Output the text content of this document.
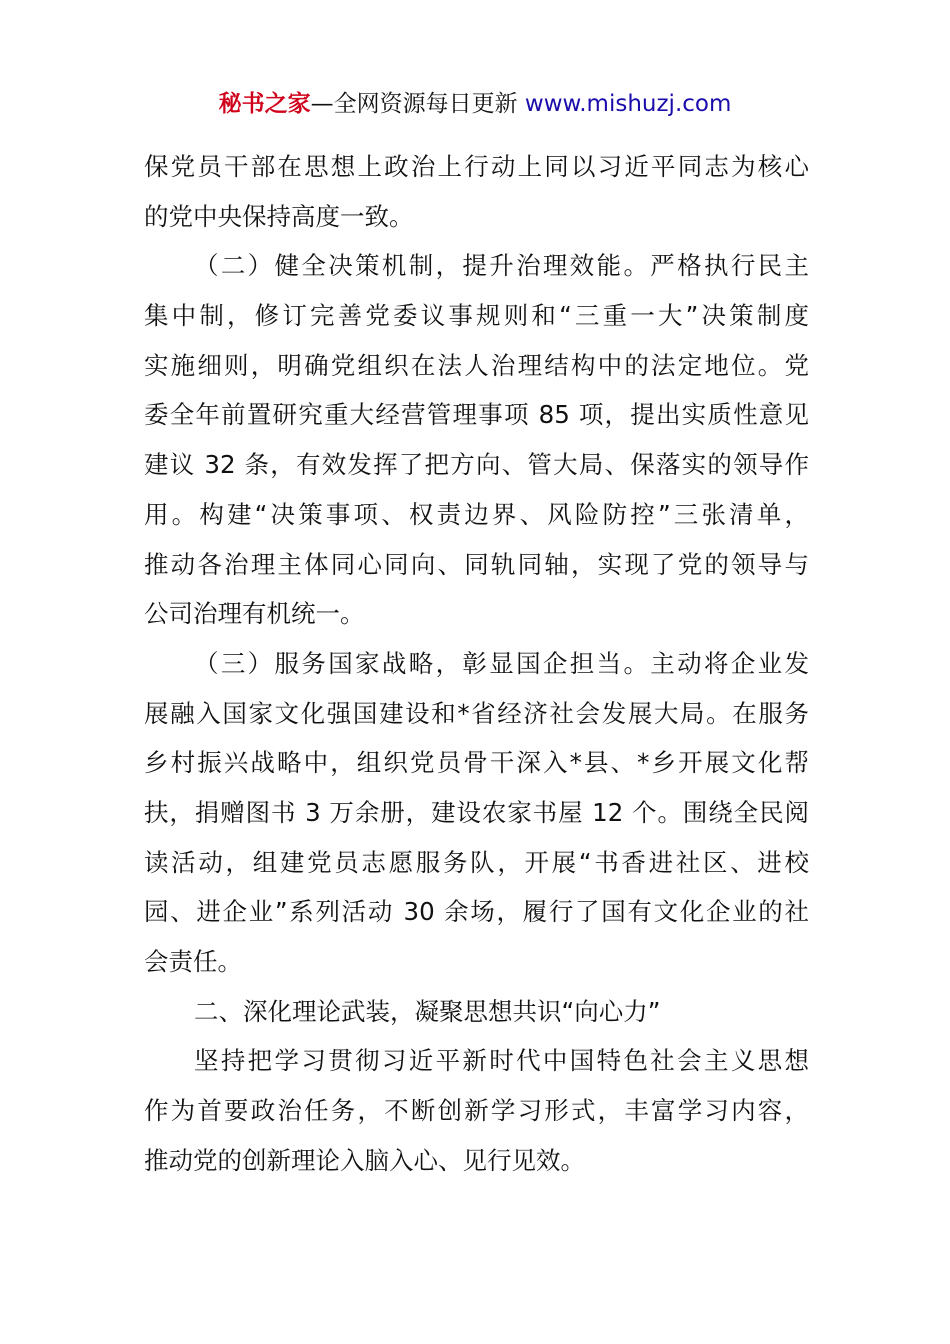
秘书之家—全网资源每日更新 www.mishuzj.com
保党员干部在思想上政治上行动上同以习近平同志为核心
的党中央保持高度一致。
（二）健全决策机制，提升治理效能。严格执行民主
集中制，修订完善党委议事规则和“三重一大”决策制度
实施细则，明确党组织在法人治理结构中的法定地位。党
委全年前置研究重大经营管理事项 85 项，提出实质性意见
建议 32 条，有效发挥了把方向、管大局、保落实的领导作
用。构建“决策事项、权责边界、风险防控”三张清单，
推动各治理主体同心同向、同轨同轴，实现了党的领导与
公司治理有机统一。
（三）服务国家战略，彰显国企担当。主动将企业发
展融入国家文化强国建设和*省经济社会发展大局。在服务
乡村振兴战略中，组织党员骨干深入*县、*乡开展文化帮
扶，捐赠图书 3 万余册，建设农家书屋 12 个。围绕全民阅
读活动，组建党员志愿服务队，开展“书香进社区、进校
园、进企业”系列活动 30 余场，履行了国有文化企业的社
会责任。
二、深化理论武装，凝聚思想共识“向心力”
坚持把学习贯彻习近平新时代中国特色社会主义思想
作为首要政治任务，不断创新学习形式，丰富学习内容，
推动党的创新理论入脑入心、见行见效。
